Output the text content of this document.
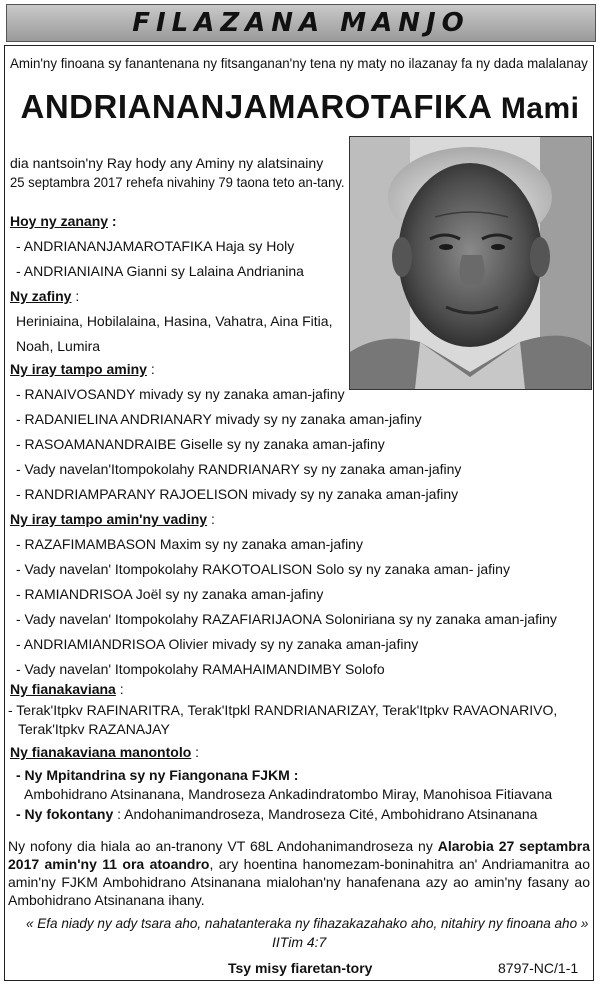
FILAZANA MANJO
Amin'ny finoana sy fanantenana ny fitsanganan'ny tena ny maty no ilazanay fa ny dada malalanay
ANDRIANANJAMAROTAFIKA Mami
dia nantsoin'ny Ray hody any Aminy ny alatsinainy
25 septambra 2017 rehefa nivahiny 79 taona teto an-tany.
Hoy ny zanany :
- ANDRIANANJAMAROTAFIKA Haja sy Holy
- ANDRIANIAINA Gianni sy Lalaina Andrianina
Ny zafiny :
Heriniaina, Hobilalaina, Hasina, Vahatra, Aina Fitia,
Noah, Lumira
Ny iray tampo aminy :
- RANAIVOSANDY mivady sy ny zanaka aman-jafiny
- RADANIELINA ANDRIANARY mivady sy ny zanaka aman-jafiny
- RASOAMANANDRAIBE Giselle sy ny zanaka aman-jafiny
- Vady navelan'Itompokolahy RANDRIANARY sy ny zanaka aman-jafiny
- RANDRIAMPARANY RAJOELISON mivady sy ny zanaka aman-jafiny
Ny iray tampo amin'ny vadiny :
- RAZAFIMAMBASON Maxim sy ny zanaka aman-jafiny
- Vady navelan' Itompokolahy RAKOTOALISON Solo sy ny zanaka aman- jafiny
- RAMIANDRISOA Joël sy ny zanaka aman-jafiny
- Vady navelan' Itompokolahy RAZAFIARIJAONA Soloniriana sy ny zanaka aman-jafiny
- ANDRIAMIANDRISOA Olivier mivady sy ny zanaka aman-jafiny
- Vady navelan' Itompokolahy RAMAHAIMANDIMBY Solofo
Ny fianakaviana :
- Terak'Itpkv RAFINARITRA, Terak'Itpkl RANDRIANARIZAY, Terak'Itpkv RAVAONARIVO,
Terak'Itpkv RAZANAJAY
Ny fianakaviana manontolo :
- Ny Mpitandrina sy ny Fiangonana FJKM :
Ambohidrano Atsinanana, Mandroseza Ankadindratombo Miray, Manohisoa Fitiavana
- Ny fokontany : Andohanimandroseza, Mandroseza Cité, Ambohidrano Atsinanana
Ny nofony dia hiala ao an-tranony VT 68L Andohanimandroseza ny Alarobia 27 septambra 2017 amin'ny 11 ora atoandro, ary hoentina hanomezam-boninahitra an' Andriamanitra ao amin'ny FJKM Ambohidrano Atsinanana mialohan'ny hanafenana azy ao amin'ny fasany ao Ambohidrano Atsinanana ihany.
« Efa niady ny ady tsara aho, nahatanteraka ny fihazakazahako aho, nitahiry ny finoana aho »
IITim 4:7
Tsy misy fiaretan-tory	8797-NC/1-1
